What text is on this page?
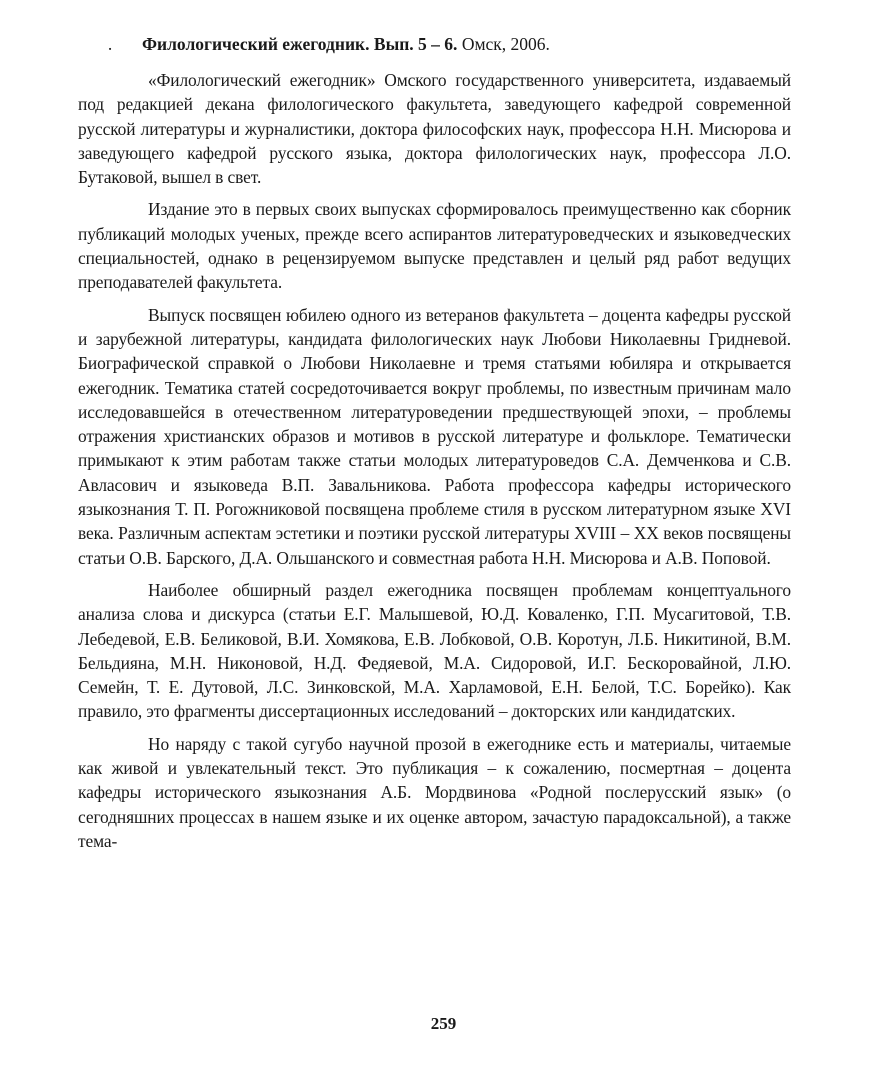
. Филологический ежегодник. Вып. 5 – 6. Омск, 2006.

«Филологический ежегодник» Омского государственного университета, издаваемый под редакцией декана филологического факультета, заведующего кафедрой современной русской литературы и журналистики, доктора философских наук, профессора Н.Н. Мисюрова и заведующего кафедрой русского языка, доктора филологических наук, профессора Л.О. Бутаковой, вышел в свет.

Издание это в первых своих выпусках сформировалось преимущественно как сборник публикаций молодых ученых, прежде всего аспирантов литературоведческих и языковедческих специальностей, однако в рецензируемом выпуске представлен и целый ряд работ ведущих преподавателей факультета.

Выпуск посвящен юбилею одного из ветеранов факультета – доцента кафедры русской и зарубежной литературы, кандидата филологических наук Любови Николаевны Гридневой. Биографической справкой о Любови Николаевне и тремя статьями юбиляра и открывается ежегодник. Тематика статей сосредоточивается вокруг проблемы, по известным причинам мало исследовавшейся в отечественном литературоведении предшествующей эпохи, – проблемы отражения христианских образов и мотивов в русской литературе и фольклоре. Тематически примыкают к этим работам также статьи молодых литературоведов С.А. Демченкова и С.В. Авласович и языковеда В.П. Завальникова. Работа профессора кафедры исторического языкознания Т. П. Рогожниковой посвящена проблеме стиля в русском литературном языке XVI века. Различным аспектам эстетики и поэтики русской литературы XVIII – XX веков посвящены статьи О.В. Барского, Д.А. Ольшанского и совместная работа Н.Н. Мисюрова и А.В. Поповой.

Наиболее обширный раздел ежегодника посвящен проблемам концептуального анализа слова и дискурса (статьи Е.Г. Малышевой, Ю.Д. Коваленко, Г.П. Мусагитовой, Т.В. Лебедевой, Е.В. Беликовой, В.И. Хомякова, Е.В. Лобковой, О.В. Коротун, Л.Б. Никитиной, В.М. Бельдияна, М.Н. Никоновой, Н.Д. Федяевой, М.А. Сидоровой, И.Г. Бескоровайной, Л.Ю. Семейн, Т. Е. Дутовой, Л.С. Зинковской, М.А. Харламовой, Е.Н. Белой, Т.С. Борейко). Как правило, это фрагменты диссертационных исследований – докторских или кандидатских.

Но наряду с такой сугубо научной прозой в ежегоднике есть и материалы, читаемые как живой и увлекательный текст. Это публикация – к сожалению, посмертная – доцента кафедры исторического языкознания А.Б. Мордвинова «Родной послерусский язык» (о сегодняшних процессах в нашем языке и их оценке автором, зачастую парадоксальной), а также тема-

259
